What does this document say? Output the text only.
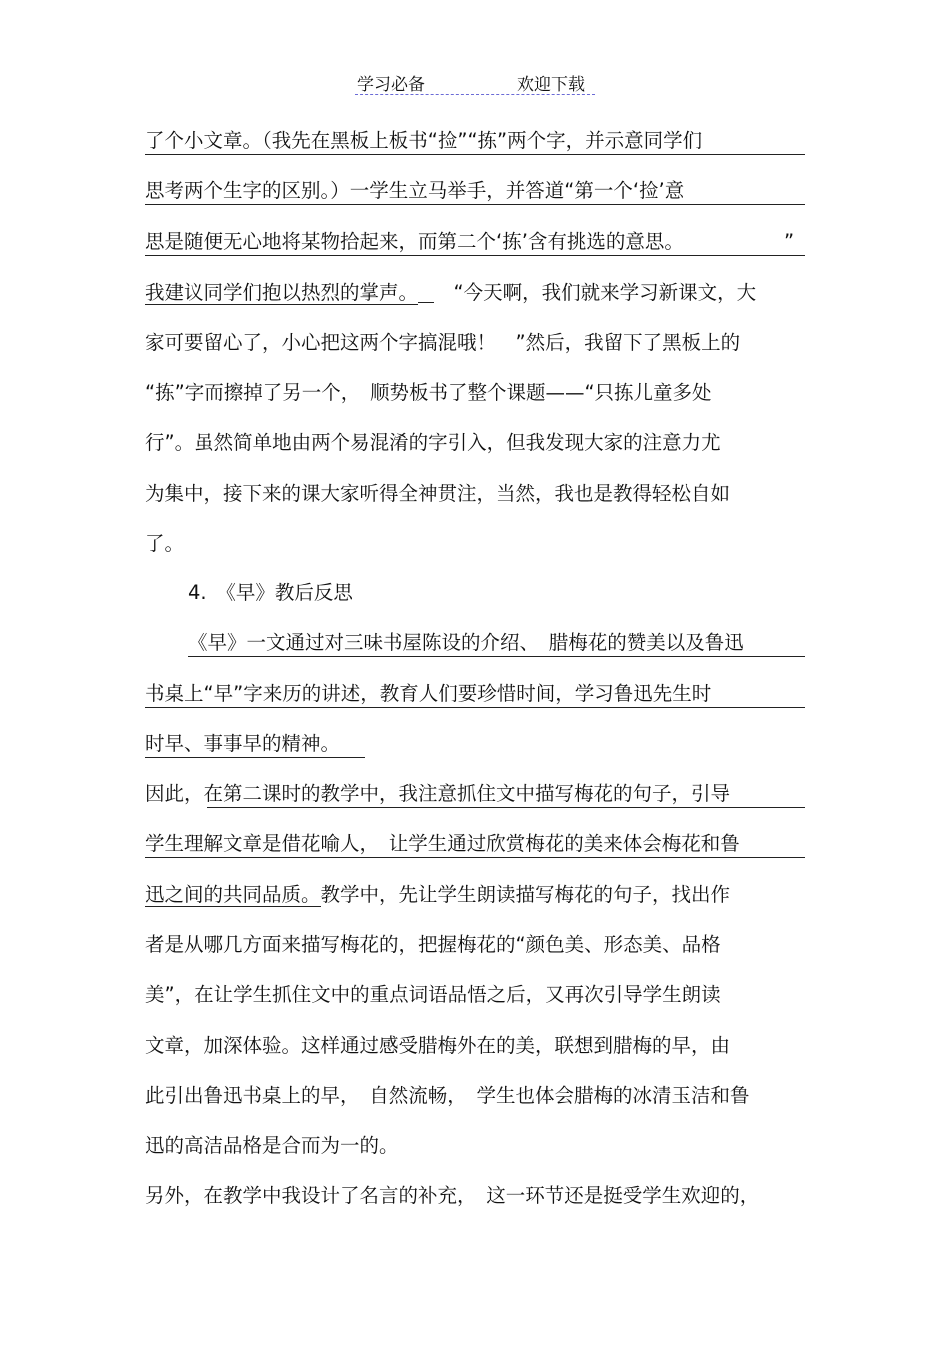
学习必备	欢迎下载
了个小文章。（我先在黑板上板书“捡”“拣”两个字，并示意同学们
思考两个生字的区别。）一学生立马举手，并答道“第一个‘捡’意
思是随便无心地将某物拾起来，而第二个‘拣’含有挑选的意思。	”
我建议同学们抱以热烈的掌声。　 “今天啊，我们就来学习新课文，大
家可要留心了，小心把这两个字搞混哦！　”然后，我留下了黑板上的
“拣”字而擦掉了另一个，　顺势板书了整个课题——“只拣儿童多处
行”。虽然简单地由两个易混淆的字引入，但我发现大家的注意力尤
为集中，接下来的课大家听得全神贯注，当然，我也是教得轻松自如
了。
4.　《早》教后反思
《早》一文通过对三味书屋陈设的介绍、　腊梅花的赞美以及鲁迅
书桌上“早”字来历的讲述，教育人们要珍惜时间，学习鲁迅先生时
时早、事事早的精神。
因此，在第二课时的教学中，我注意抓住文中描写梅花的句子，引导
学生理解文章是借花喻人，　让学生通过欣赏梅花的美来体会梅花和鲁
迅之间的共同品质。教学中，先让学生朗读描写梅花的句子，找出作
者是从哪几方面来描写梅花的，把握梅花的“颜色美、形态美、品格
美”，在让学生抓住文中的重点词语品悟之后，又再次引导学生朗读
文章，加深体验。这样通过感受腊梅外在的美，联想到腊梅的早，由
此引出鲁迅书桌上的早，　自然流畅，　学生也体会腊梅的冰清玉洁和鲁
迅的高洁品格是合而为一的。
另外，在教学中我设计了名言的补充，　这一环节还是挺受学生欢迎的，
